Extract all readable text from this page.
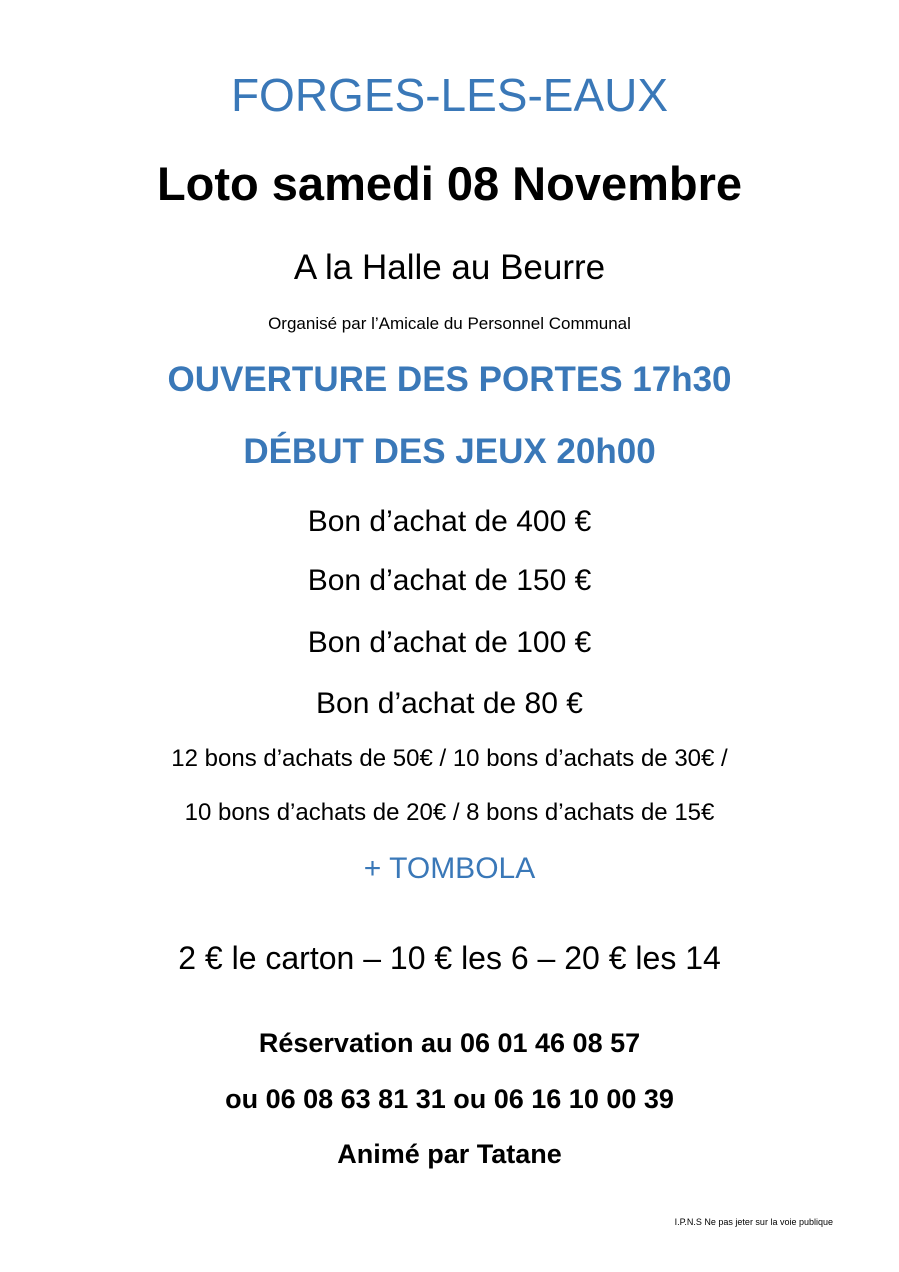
FORGES-LES-EAUX
Loto samedi 08 Novembre
A la Halle au Beurre
Organisé par l’Amicale du Personnel Communal
OUVERTURE DES PORTES 17h30
DÉBUT DES JEUX 20h00
Bon d’achat de 400 €
Bon d’achat de 150 €
Bon d’achat de 100 €
Bon d’achat de 80 €
12 bons d’achats de 50€ / 10 bons d’achats de 30€ /
10 bons d’achats de 20€ / 8 bons d’achats de 15€
+ TOMBOLA
2 € le carton – 10 € les 6 – 20 € les 14
Réservation au 06 01 46 08 57
ou 06 08 63 81 31 ou 06 16 10 00 39
Animé par Tatane
I.P.N.S Ne pas jeter sur la voie publique
